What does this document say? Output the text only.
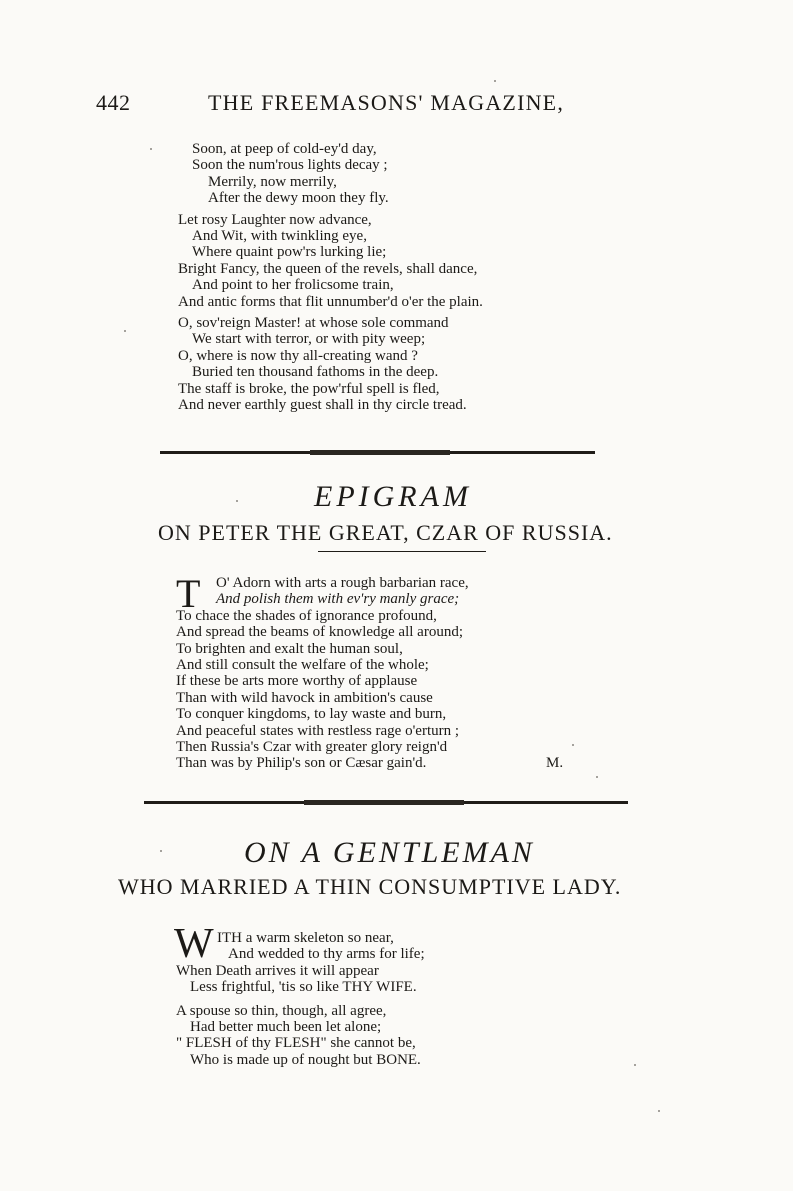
442	THE FREEMASONS' MAGAZINE,
Soon, at peep of cold-ey'd day,
Soon the num'rous lights decay ;
Merrily, now merrily,
After the dewy moon they fly.
Let rosy Laughter now advance,
And Wit, with twinkling eye,
Where quaint pow'rs lurking lie;
Bright Fancy, the queen of the revels, shall dance,
And point to her frolicsome train,
And antic forms that flit unnumber'd o'er the plain.
O, sov'reign Master! at whose sole command
We start with terror, or with pity weep;
O, where is now thy all-creating wand ?
Buried ten thousand fathoms in the deep.
The staff is broke, the pow'rful spell is fled,
And never earthly guest shall in thy circle tread.
EPIGRAM
ON PETER THE GREAT, CZAR OF RUSSIA.
T	O' Adorn with arts a rough barbarian race,
And polish them with ev'ry manly grace;
To chace the shades of ignorance profound,
And spread the beams of knowledge all around;
To brighten and exalt the human soul,
And still consult the welfare of the whole;
If these be arts more worthy of applause
Than with wild havock in ambition's cause
To conquer kingdoms, to lay waste and burn,
And peaceful states with restless rage o'erturn ;
Then Russia's Czar with greater glory reign'd
Than was by Philip's son or Cæsar gain'd.	M.
ON A GENTLEMAN
WHO MARRIED A THIN CONSUMPTIVE LADY.
W ITH a warm skeleton so near,
And wedded to thy arms for life;
When Death arrives it will appear
Less frightful, 'tis so like THY WIFE.
A spouse so thin, though, all agree,
Had better much been let alone;
" FLESH of thy FLESH" she cannot be,
Who is made up of nought but BONE.
